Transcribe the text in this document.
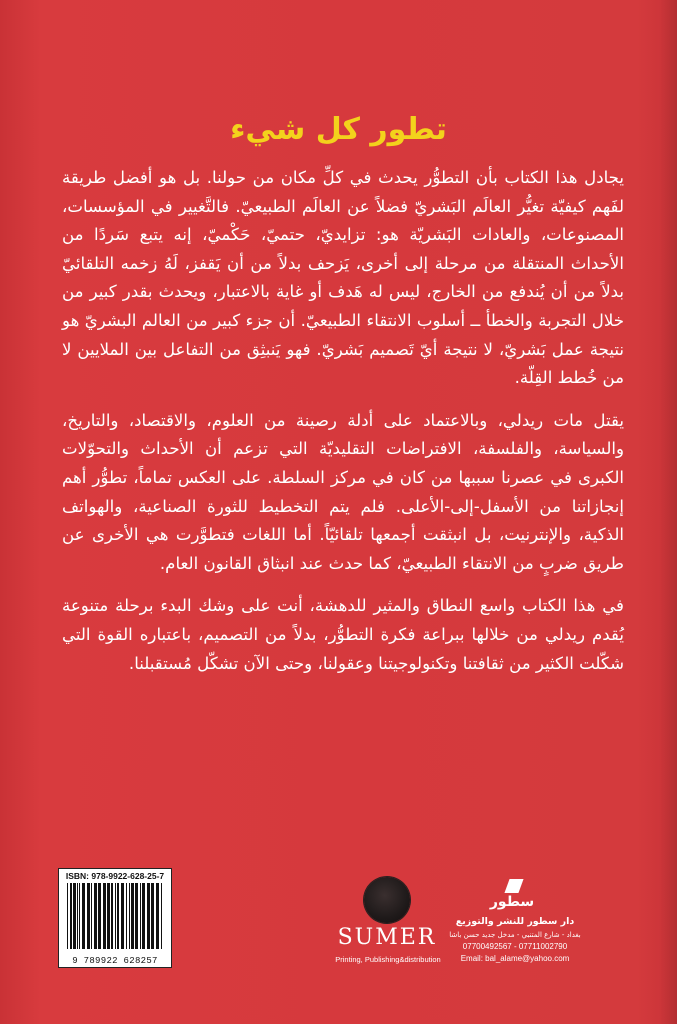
تطور كل شيء

يجادل هذا الكتاب بأن التطوُّر يحدث في كلِّ مكان من حولنا. بل هو أفضل طريقة لفَهم كيفيّة تغيُّر العالَم البَشريّ فضلاً عن العالَم الطبيعيّ. فالتَّغيير في المؤسسات، المصنوعات، والعادات البَشريّة هو: تزايديّ، حتميّ، حَكْميّ، إنه يتبع سَردًا من الأحداث المنتقلة من مرحلة إلى أخرى، يَزحف بدلاً من أن يَقفز، لَهُ زخمه التلقائيّ بدلاً من أن يُندفع من الخارج، ليس له هَدف أو غاية بالاعتبار، ويحدث بقدر كبير من خلال التجربة والخطأ ــ أسلوب الانتقاء الطبيعيّ. أن جزء كبير من العالم البشريّ هو نتيجة عمل بَشريّ، لا نتيجة أيّ تَصميم بَشريّ. فهو يَنبثِق من التفاعل بين الملايين لا من خُطط القِلّة.

يقتل مات ريدلي، وبالاعتماد على أدلة رصينة من العلوم، والاقتصاد، والتاريخ، والسياسة، والفلسفة، الافتراضات التقليديّة التي تزعم أن الأحداث والتحوّلات الكبرى في عصرنا سببها من كان في مركز السلطة. على العكس تماماً، تطوُّر أهم إنجازاتنا من الأسفل-إلى-الأعلى. فلم يتم التخطيط للثورة الصناعية، والهواتف الذكية، والإنترنيت، بل انبثقت أجمعها تلقائيّاً. أما اللغات فتطوَّرت هي الأخرى عن طريق ضربٍ من الانتقاء الطبيعيّ، كما حدث عند انبثاق القانون العام.

في هذا الكتاب واسع النطاق والمثير للدهشة، أنت على وشك البدء برحلة متنوعة يُقدم ريدلي من خلالها ببراعة فكرة التطوُّر، بدلاً من التصميم، باعتباره القوة التي شكّلت الكثير من ثقافتنا وتكنولوجيتنا وعقولنا، وحتى الآن تشكّل مُستقبلنا.

ISBN: 978-9922-628-25-7
9 789922 628257
SUMER
Printing, Publishing&distribution
سطور
دار سطور للنشر والتوزيع
بغداد - شارع المتنبي - مدخل جديد حسن باشا
07700492567 - 07711002790
Email: bal_alame@yahoo.com
